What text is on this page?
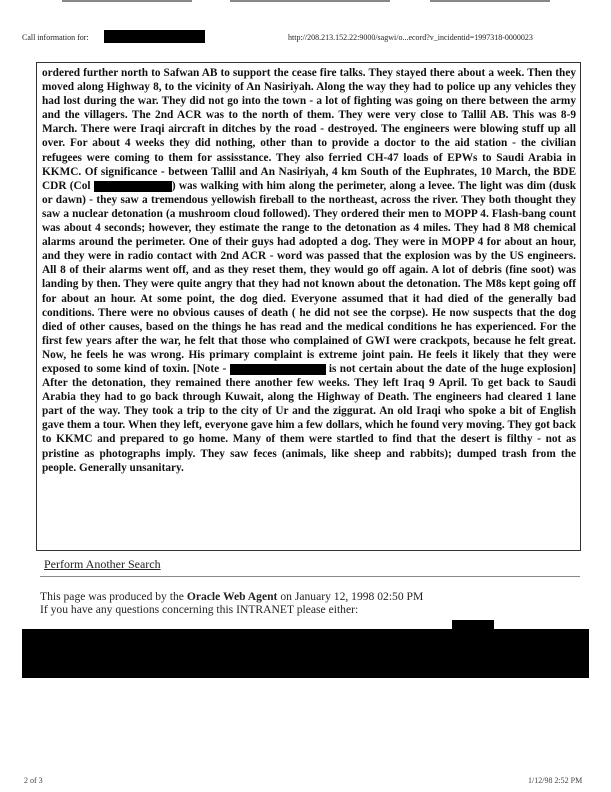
Call information for:	http://208.213.152.22:9000/sagwi/o...ecord?v_incidentid=1997318-0000023

ordered further north to Safwan AB to support the cease fire talks. They stayed there about a week. Then they moved along Highway 8, to the vicinity of An Nasiriyah. Along the way they had to police up any vehicles they had lost during the war. They did not go into the town - a lot of fighting was going on there between the army and the villagers. The 2nd ACR was to the north of them. They were very close to Tallil AB. This was 8-9 March. There were Iraqi aircraft in ditches by the road - destroyed. The engineers were blowing stuff up all over. For about 4 weeks they did nothing, other than to provide a doctor to the aid station - the civilian refugees were coming to them for assisstance. They also ferried CH-47 loads of EPWs to Saudi Arabia in KKMC. Of significance - between Tallil and An Nasiriyah, 4 km South of the Euphrates, 10 March, the BDE CDR (Col	) was walking with him along the perimeter, along a levee. The light was dim (dusk or dawn) - they saw a tremendous yellowish fireball to the northeast, across the river. They both thought they saw a nuclear detonation (a mushroom cloud followed). They ordered their men to MOPP 4. Flash-bang count was about 4 seconds; however, they estimate the range to the detonation as 4 miles. They had 8 M8 chemical alarms around the perimeter. One of their guys had adopted a dog. They were in MOPP 4 for about an hour, and they were in radio contact with 2nd ACR - word was passed that the explosion was by the US engineers. All 8 of their alarms went off, and as they reset them, they would go off again. A lot of debris (fine soot) was landing by then. They were quite angry that they had not known about the detonation. The M8s kept going off for about an hour. At some point, the dog died. Everyone assumed that it had died of the generally bad conditions. There were no obvious causes of death ( he did not see the corpse). He now suspects that the dog died of other causes, based on the things he has read and the medical conditions he has experienced. For the first few years after the war, he felt that those who complained of GWI were crackpots, because he felt great. Now, he feels he was wrong. His primary complaint is extreme joint pain. He feels it likely that they were exposed to some kind of toxin. [Note -	is not certain about the date of the huge explosion] After the detonation, they remained there another few weeks. They left Iraq 9 April. To get back to Saudi Arabia they had to go back through Kuwait, along the Highway of Death. The engineers had cleared 1 lane part of the way. They took a trip to the city of Ur and the ziggurat. An old Iraqi who spoke a bit of English gave them a tour. When they left, everyone gave him a few dollars, which he found very moving. They got back to KKMC and prepared to go home. Many of them were startled to find that the desert is filthy - not as pristine as photographs imply. They saw feces (animals, like sheep and rabbits); dumped trash from the people. Generally unsanitary.

Perform Another Search
This page was produced by the Oracle Web Agent on January 12, 1998 02:50 PM
If you have any questions concerning this INTRANET please either:
2 of 3	1/12/98 2:52 PM
